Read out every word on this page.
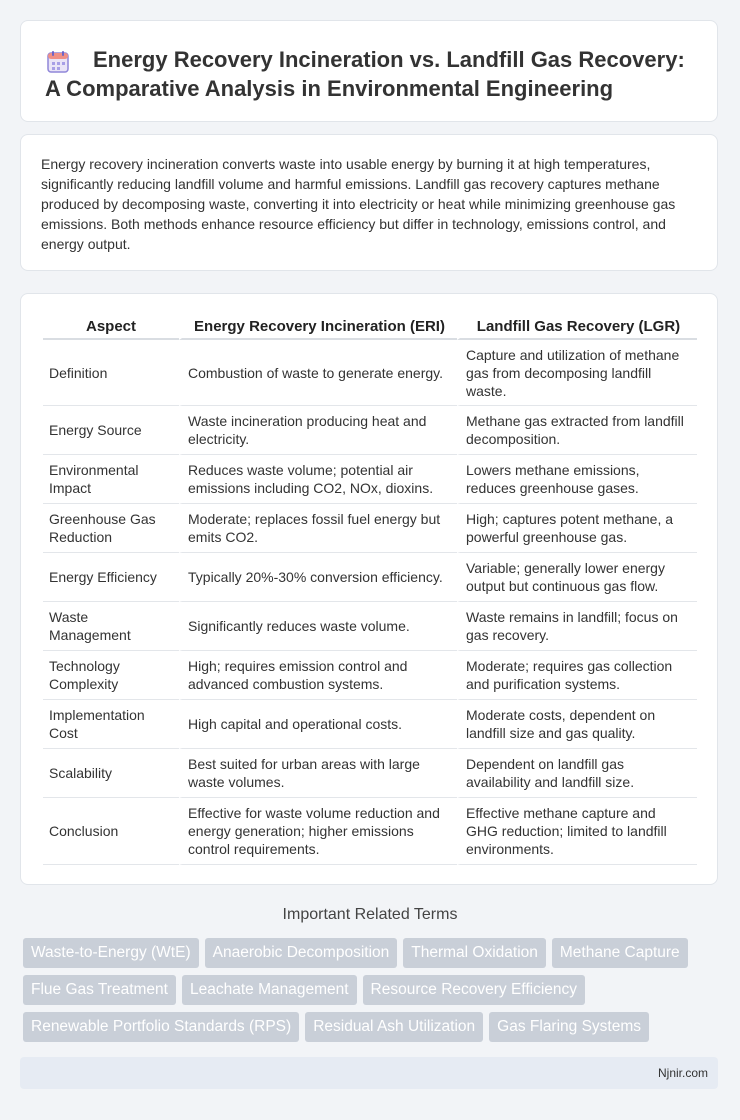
Energy Recovery Incineration vs. Landfill Gas Recovery: A Comparative Analysis in Environmental Engineering

Energy recovery incineration converts waste into usable energy by burning it at high temperatures, significantly reducing landfill volume and harmful emissions. Landfill gas recovery captures methane produced by decomposing waste, converting it into electricity or heat while minimizing greenhouse gas emissions. Both methods enhance resource efficiency but differ in technology, emissions control, and energy output.

Aspect	Energy Recovery Incineration (ERI)	Landfill Gas Recovery (LGR)
Definition	Combustion of waste to generate energy.	Capture and utilization of methane gas from decomposing landfill waste.
Energy Source	Waste incineration producing heat and electricity.	Methane gas extracted from landfill decomposition.
Environmental Impact	Reduces waste volume; potential air emissions including CO2, NOx, dioxins.	Lowers methane emissions, reduces greenhouse gases.
Greenhouse Gas Reduction	Moderate; replaces fossil fuel energy but emits CO2.	High; captures potent methane, a powerful greenhouse gas.
Energy Efficiency	Typically 20%-30% conversion efficiency.	Variable; generally lower energy output but continuous gas flow.
Waste Management	Significantly reduces waste volume.	Waste remains in landfill; focus on gas recovery.
Technology Complexity	High; requires emission control and advanced combustion systems.	Moderate; requires gas collection and purification systems.
Implementation Cost	High capital and operational costs.	Moderate costs, dependent on landfill size and gas quality.
Scalability	Best suited for urban areas with large waste volumes.	Dependent on landfill gas availability and landfill size.
Conclusion	Effective for waste volume reduction and energy generation; higher emissions control requirements.	Effective methane capture and GHG reduction; limited to landfill environments.
Important Related Terms
Waste-to-Energy (WtE) Anaerobic Decomposition Thermal Oxidation Methane Capture
Flue Gas Treatment Leachate Management Resource Recovery Efficiency
Renewable Portfolio Standards (RPS) Residual Ash Utilization Gas Flaring Systems
Njnir.com
